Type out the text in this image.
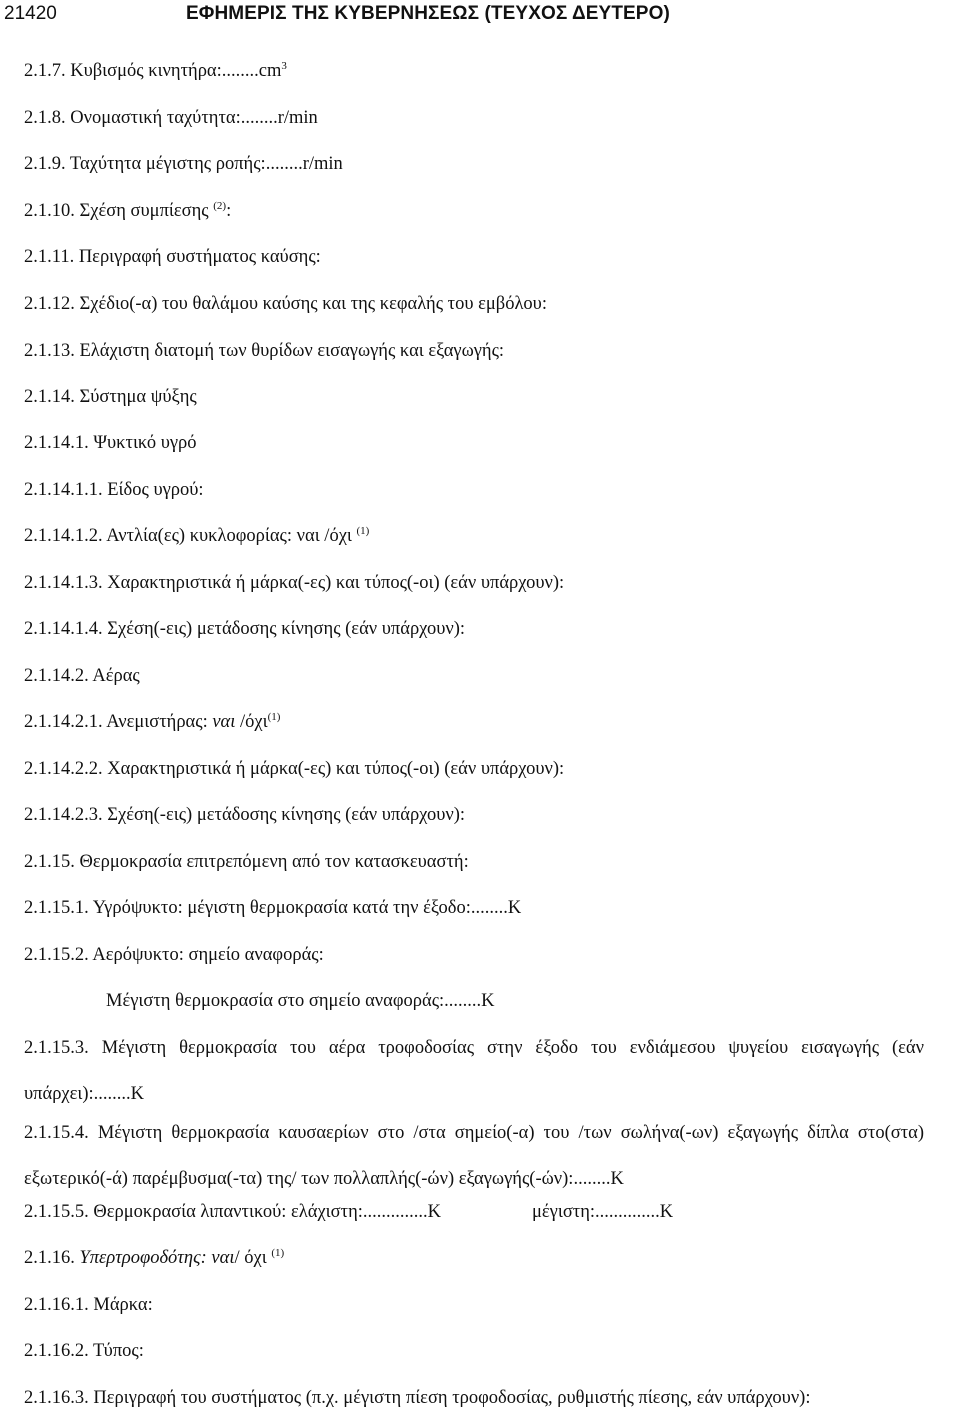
21420	ΕΦΗΜΕΡΙΣ ΤΗΣ ΚΥΒΕΡΝΗΣΕΩΣ (ΤΕΥΧΟΣ ΔΕΥΤΕΡΟ)
2.1.7. Κυβισμός $\kappa\iota\nu\eta\tau ή\rho\alpha:........cm^3$
2.1.8. Ονομαστική ταχύτητα:........r/min
2.1.9. Ταχύτητα μέγιστης ροπής:........r/min
2.1.10. Σχέση συμπίεσης $^{(2)}$:
2.1.11. Περιγραφή συστήματος καύσης:
2.1.12. Σχέδιο(-α) του θαλάμου καύσης και της κεφαλής του εμβόλου:
2.1.13. Ελάχιστη διατομή των θυρίδων εισαγωγής και εξαγωγής:
2.1.14. Σύστημα ψύξης
2.1.14.1. Ψυκτικό υγρό
2.1.14.1.1. Είδος υγρού:
2.1.14.1.2. Αντλία(ες) κυκλοφορίας: ναι /όχι $^{(1)}$
2.1.14.1.3. Χαρακτηριστικά ή μάρκα(-ες) και τύπος(-οι) (εάν υπάρχουν):
2.1.14.1.4. Σχέση(-εις) μετάδοσης κίνησης (εάν υπάρχουν):
2.1.14.2. Αέρας
2.1.14.2.1. Ανεμιστήρας: ναι /όχι$^{(1)}$
2.1.14.2.2. Χαρακτηριστικά ή μάρκα(-ες) και τύπος(-οι) (εάν υπάρχουν):
2.1.14.2.3. Σχέση(-εις) μετάδοσης κίνησης (εάν υπάρχουν):
2.1.15. Θερμοκρασία επιτρεπόμενη από τον κατασκευαστή:
2.1.15.1. Υγρόψυκτο: μέγιστη θερμοκρασία κατά την έξοδο:........K
2.1.15.2. Αερόψυκτο: σημείο αναφοράς:
Μέγιστη θερμοκρασία στο σημείο αναφοράς:........K
2.1.15.3. Μέγιστη θερμοκρασία του αέρα τροφοδοσίας στην έξοδο του ενδιάμεσου ψυγείου εισαγωγής (εάν υπάρχει):........K
2.1.15.4. Μέγιστη θερμοκρασία καυσαερίων στο /στα σημείο(-α) του /των σωλήνα(-ων) εξαγωγής δίπλα στο(στα) εξωτερικό(-ά) παρέμβυσμα(-τα) της/ των πολλαπλής(-ών) εξαγωγής(-ών):........K
2.1.15.5. Θερμοκρασία λιπαντικού: ελάχιστη:..............K	μέγιστη:..............K
2.1.16. Υπερτροφοδότης: ναι/ όχι $^{(1)}$
2.1.16.1. Μάρκα:
2.1.16.2. Τύπος:
2.1.16.3. Περιγραφή του συστήματος (π.χ. μέγιστη πίεση τροφοδοσίας, ρυθμιστής πίεσης, εάν υπάρχουν):
